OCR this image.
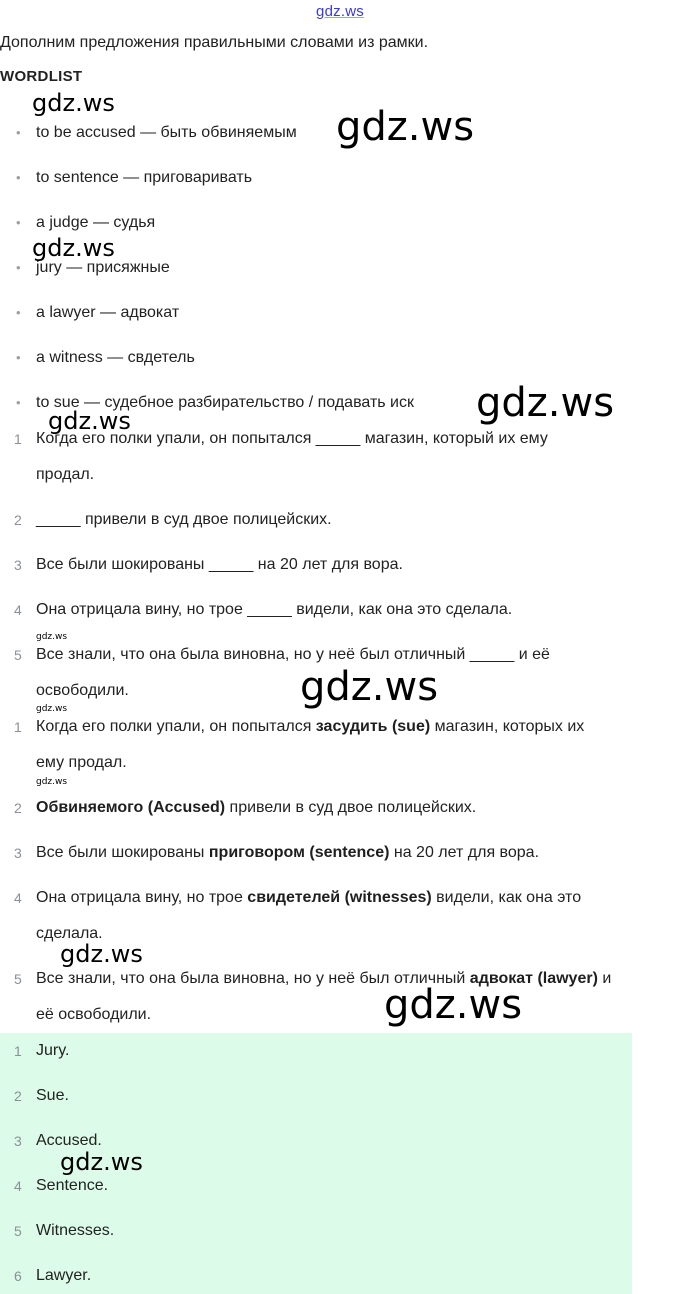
gdz.ws
Дополним предложения правильными словами из рамки.
WORDLIST
• to be accused — быть обвиняемым
• to sentence — приговаривать
• a judge — судья
• jury — присяжные
• a lawyer — адвокат
• a witness — свдетель
• to sue — судебное разбирательство / подавать иск
1 Когда его полки упали, он попытался _____ магазин, который их ему
продал.
2 _____ привели в суд двое полицейских.
3 Все были шокированы _____ на 20 лет для вора.
4 Она отрицала вину, но трое _____ видели, как она это сделала.
5 Все знали, что она была виновна, но у неё был отличный _____ и её
освободили.
1 Когда его полки упали, он попытался засудить (sue) магазин, которых их
ему продал.
2 Обвиняемого (Accused) привели в суд двое полицейских.
3 Все были шокированы приговором (sentence) на 20 лет для вора.
4 Она отрицала вину, но трое свидетелей (witnesses) видели, как она это
сделала.
5 Все знали, что она была виновна, но у неё был отличный адвокат (lawyer) и
её освободили.
1 Jury.
2 Sue.
3 Accused.
4 Sentence.
5 Witnesses.
6 Lawyer.
gdz.ws
gdz.ws
gdz.ws
gdz.ws
gdz.ws
gdz.ws
gdz.ws
gdz.ws
gdz.ws
gdz.ws
gdz.ws
gdz.ws
